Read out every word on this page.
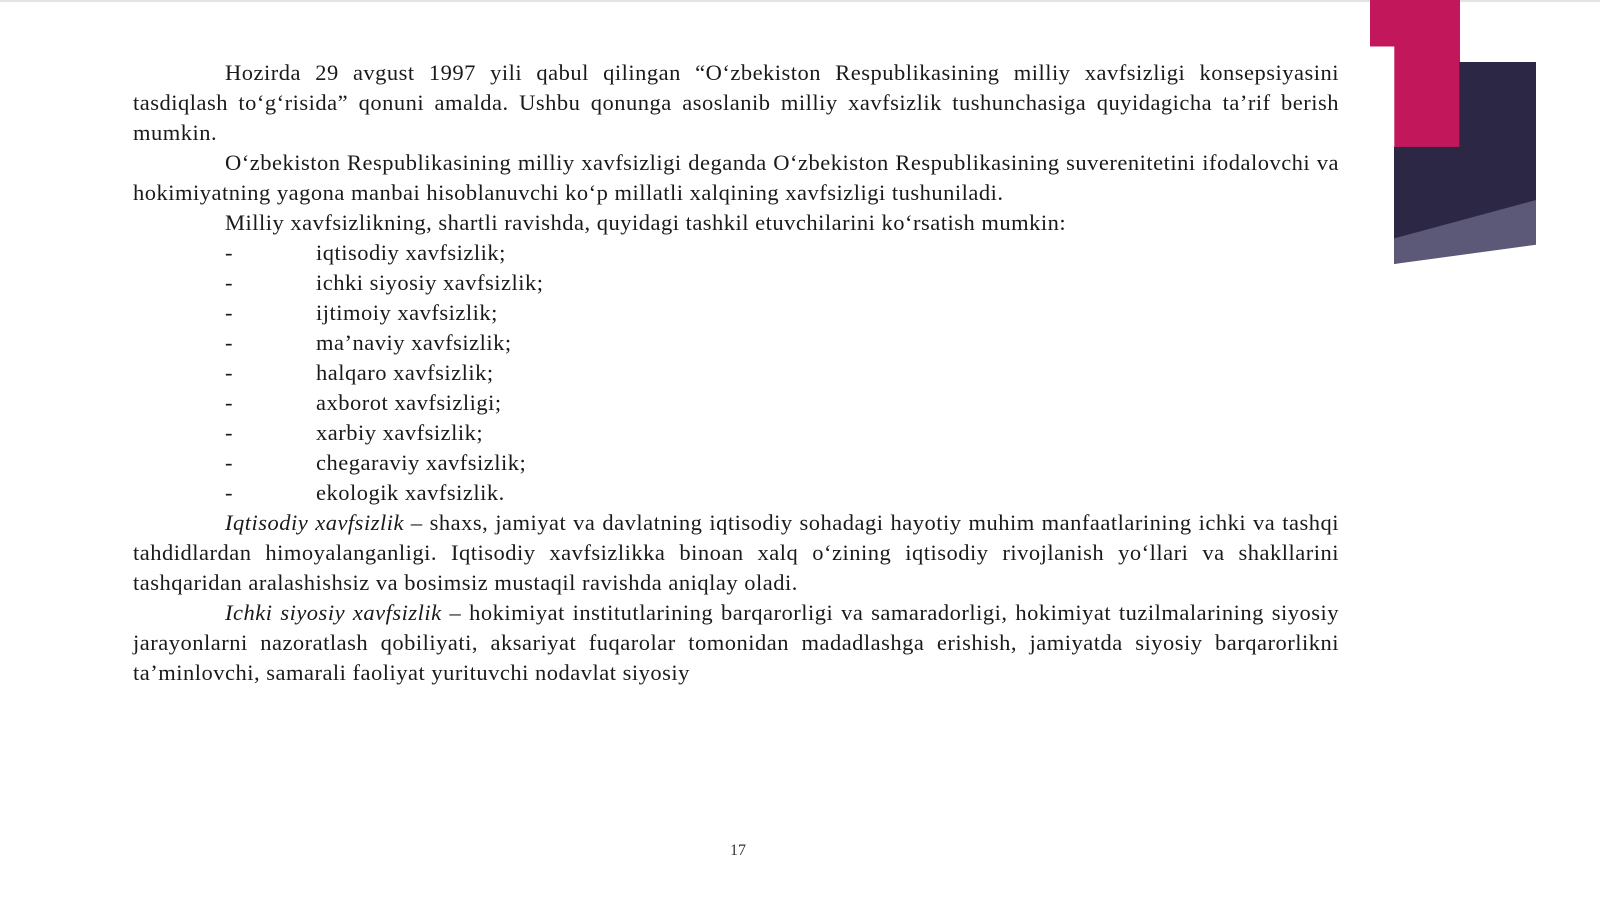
Hozirda 29 avgust 1997 yili qabul qilingan “O‘zbekiston Respublikasining milliy xavfsizligi konsepsiyasini tasdiqlash to‘g‘risida” qonuni amalda. Ushbu qonunga asoslanib milliy xavfsizlik tushunchasiga quyidagicha ta’rif berish mumkin.

O‘zbekiston Respublikasining milliy xavfsizligi deganda O‘zbekiston Respublikasining suverenitetini ifodalovchi va hokimiyatning yagona manbai hisoblanuvchi ko‘p millatli xalqining xavfsizligi tushuniladi.

Milliy xavfsizlikning, shartli ravishda, quyidagi tashkil etuvchilarini ko‘rsatish mumkin:

-	iqtisodiy xavfsizlik;
-	ichki siyosiy xavfsizlik;
-	ijtimoiy xavfsizlik;
-	ma’naviy xavfsizlik;
-	halqaro xavfsizlik;
-	axborot xavfsizligi;
-	xarbiy xavfsizlik;
-	chegaraviy xavfsizlik;
-	ekologik xavfsizlik.

Iqtisodiy xavfsizlik – shaxs, jamiyat va davlatning iqtisodiy sohadagi hayotiy muhim manfaatlarining ichki va tashqi tahdidlardan himoyalanganligi. Iqtisodiy xavfsizlikka binoan xalq o‘zining iqtisodiy rivojlanish yo‘llari va shakllarini tashqaridan aralashishsiz va bosimsiz mustaqil ravishda aniqlay oladi.

Ichki siyosiy xavfsizlik – hokimiyat institutlarining barqarorligi va samaradorligi, hokimiyat tuzilmalarining siyosiy jarayonlarni nazoratlash qobiliyati, aksariyat fuqarolar tomonidan madadlashga erishish, jamiyatda siyosiy barqarorlikni ta’minlovchi, samarali faoliyat yurituvchi nodavlat siyosiy

17
